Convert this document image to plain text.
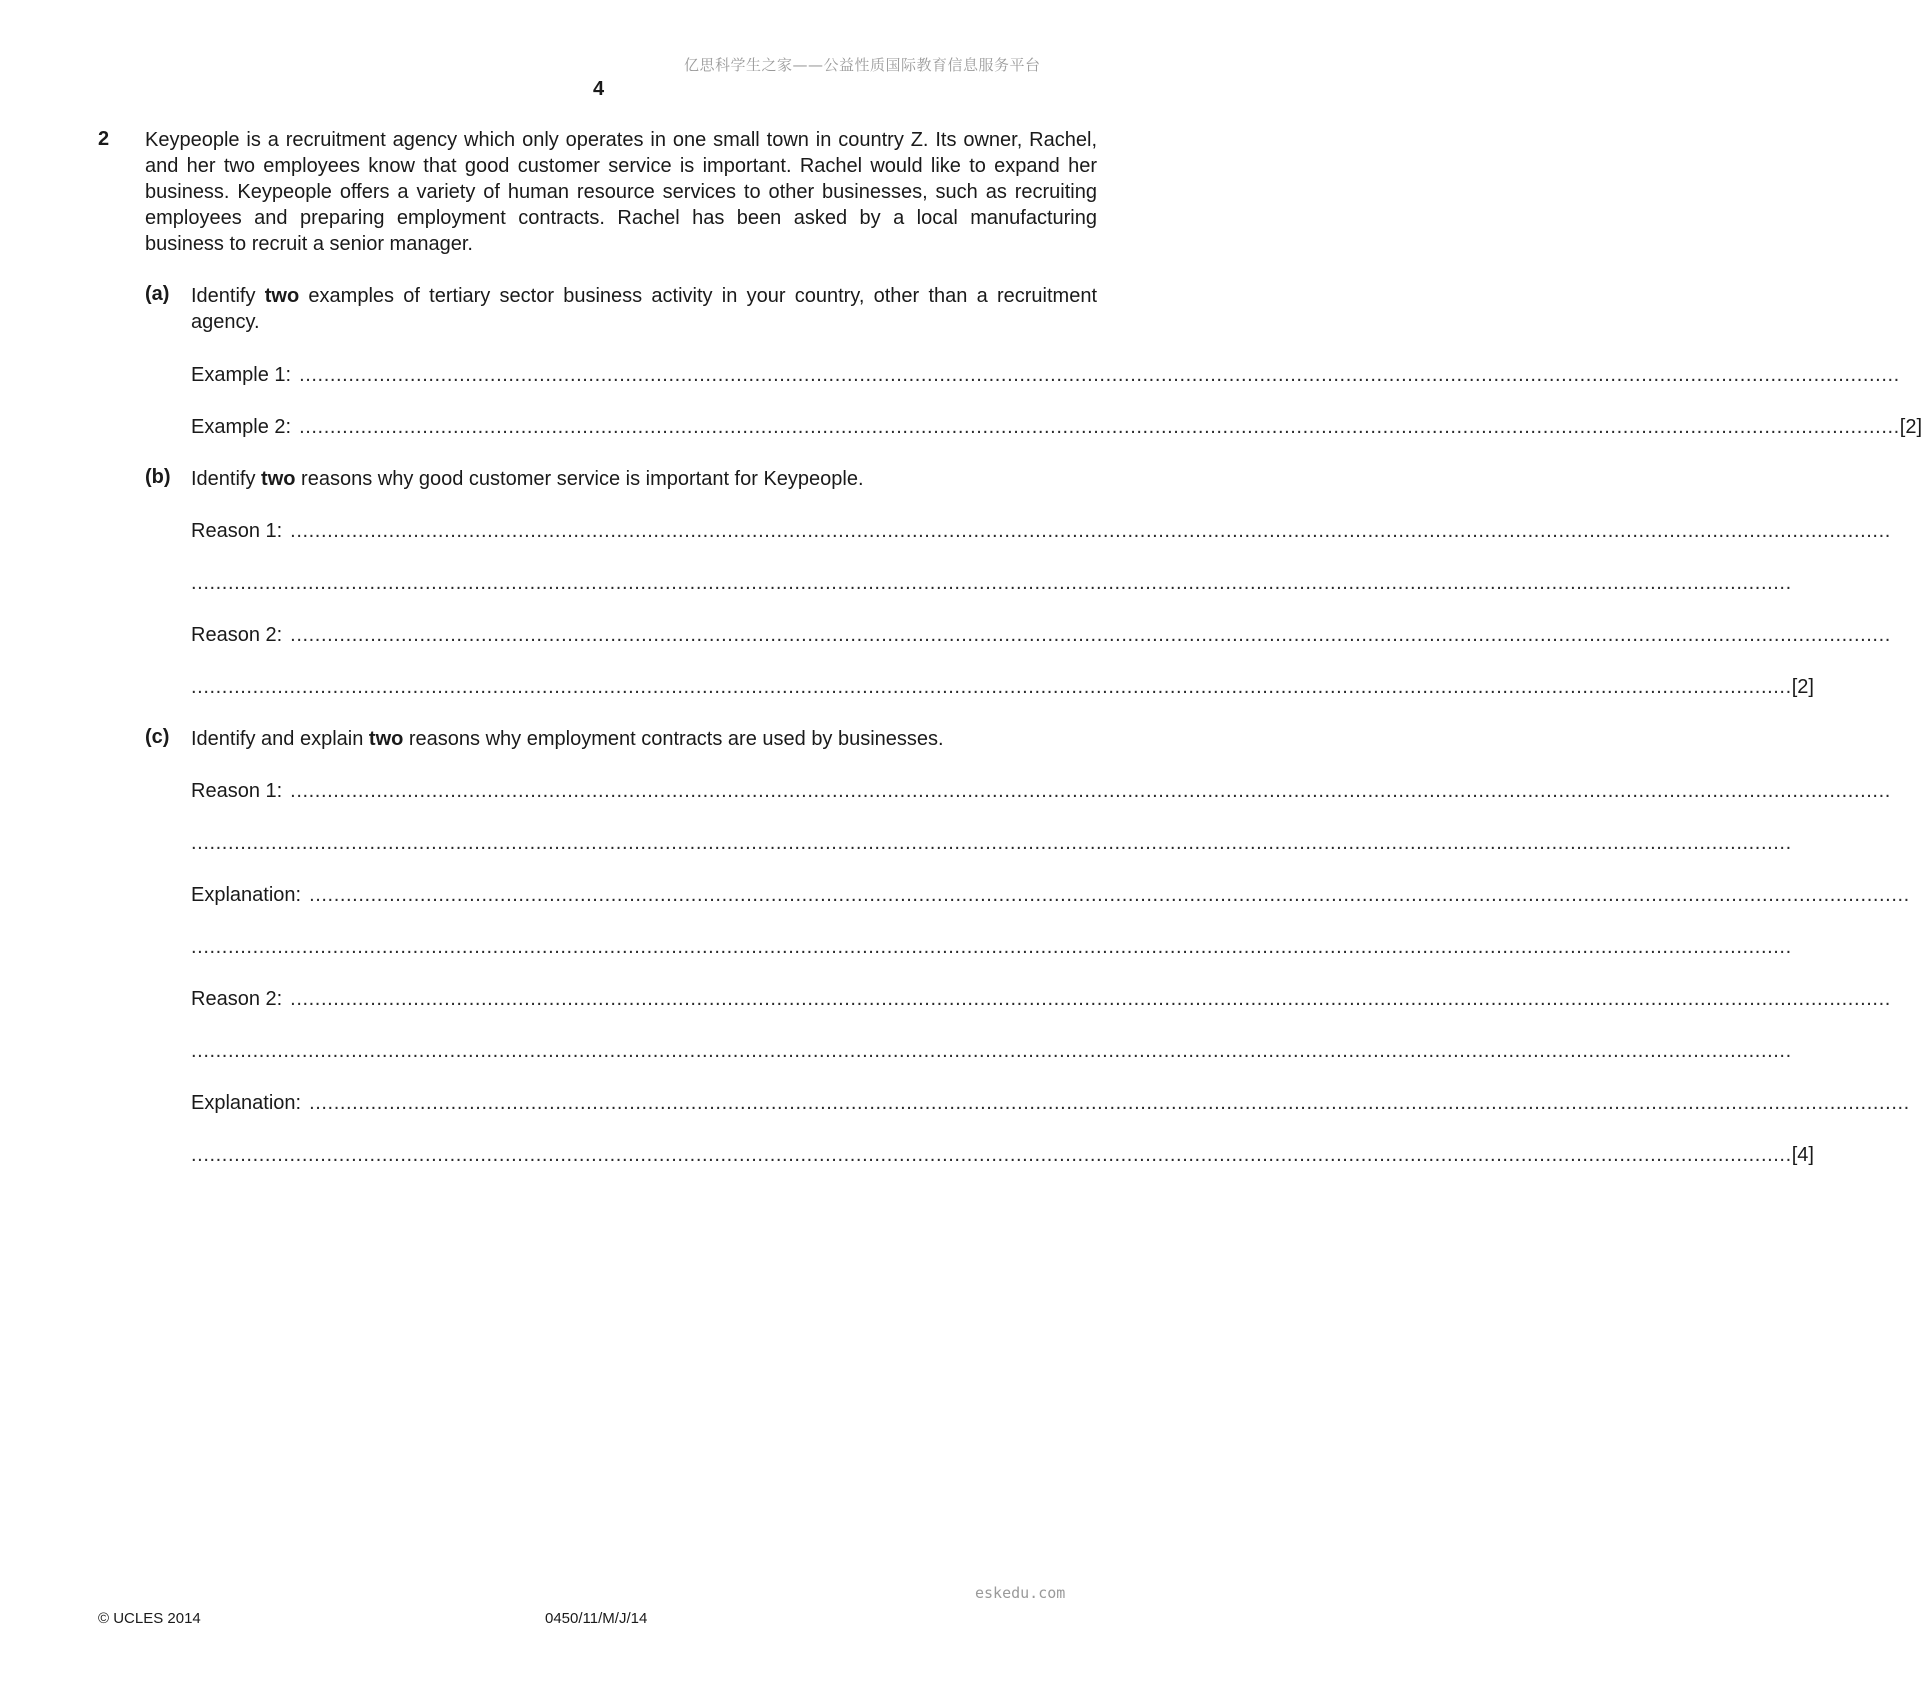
亿思科学生之家——公益性质国际教育信息服务平台
4
2 Keypeople is a recruitment agency which only operates in one small town in country Z. Its owner, Rachel, and her two employees know that good customer service is important. Rachel would like to expand her business. Keypeople offers a variety of human resource services to other businesses, such as recruiting employees and preparing employment contracts. Rachel has been asked by a local manufacturing business to recruit a senior manager.
(a) Identify two examples of tertiary sector business activity in your country, other than a recruitment agency.
Example 1: ....................................................................................................................................................................................................................................................................
Example 2: .................................................................................................................................................................................................................................................................... [2]
(b) Identify two reasons why good customer service is important for Keypeople.
Reason 1: ....................................................................................................................................................................................................................................................................
....................................................................................................................................................................................................................................................................
Reason 2: ....................................................................................................................................................................................................................................................................
.................................................................................................................................................................................................................................................................... [2]
(c) Identify and explain two reasons why employment contracts are used by businesses.
Reason 1: ....................................................................................................................................................................................................................................................................
....................................................................................................................................................................................................................................................................
Explanation: ....................................................................................................................................................................................................................................................................
....................................................................................................................................................................................................................................................................
Reason 2: ....................................................................................................................................................................................................................................................................
....................................................................................................................................................................................................................................................................
Explanation: ....................................................................................................................................................................................................................................................................
.................................................................................................................................................................................................................................................................... [4]
eskedu.com
© UCLES 2014	0450/11/M/J/14
